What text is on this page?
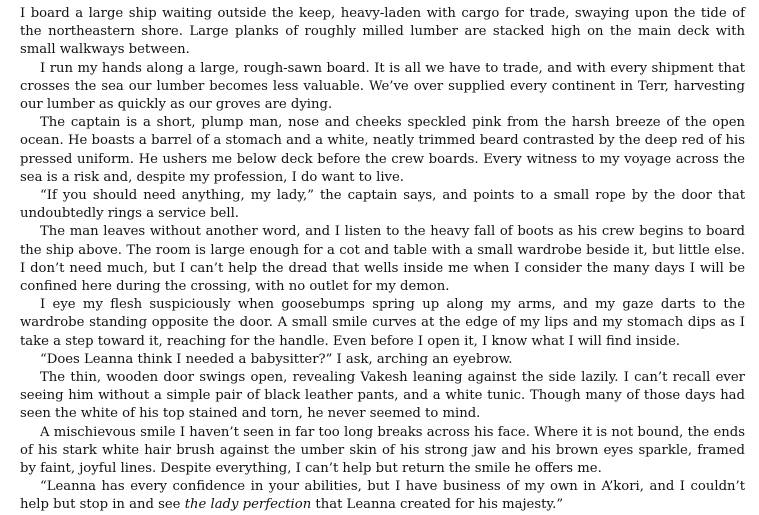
I board a large ship waiting outside the keep, heavy-laden with cargo for trade, swaying upon the tide of the northeastern shore. Large planks of roughly milled lumber are stacked high on the main deck with small walkways between.

I run my hands along a large, rough-sawn board. It is all we have to trade, and with every shipment that crosses the sea our lumber becomes less valuable. We’ve over supplied every continent in Terr, harvesting our lumber as quickly as our groves are dying.

The captain is a short, plump man, nose and cheeks speckled pink from the harsh breeze of the open ocean. He boasts a barrel of a stomach and a white, neatly trimmed beard contrasted by the deep red of his pressed uniform. He ushers me below deck before the crew boards. Every witness to my voyage across the sea is a risk and, despite my profession, I do want to live.

“If you should need anything, my lady,” the captain says, and points to a small rope by the door that undoubtedly rings a service bell.

The man leaves without another word, and I listen to the heavy fall of boots as his crew begins to board the ship above. The room is large enough for a cot and table with a small wardrobe beside it, but little else. I don’t need much, but I can’t help the dread that wells inside me when I consider the many days I will be confined here during the crossing, with no outlet for my demon.

I eye my flesh suspiciously when goosebumps spring up along my arms, and my gaze darts to the wardrobe standing opposite the door. A small smile curves at the edge of my lips and my stomach dips as I take a step toward it, reaching for the handle. Even before I open it, I know what I will find inside.

“Does Leanna think I needed a babysitter?” I ask, arching an eyebrow.

The thin, wooden door swings open, revealing Vakesh leaning against the side lazily. I can’t recall ever seeing him without a simple pair of black leather pants, and a white tunic. Though many of those days had seen the white of his top stained and torn, he never seemed to mind.

A mischievous smile I haven’t seen in far too long breaks across his face. Where it is not bound, the ends of his stark white hair brush against the umber skin of his strong jaw and his brown eyes sparkle, framed by faint, joyful lines. Despite everything, I can’t help but return the smile he offers me.

“Leanna has every confidence in your abilities, but I have business of my own in A’kori, and I couldn’t help but stop in and see the lady perfection that Leanna created for his majesty.”
